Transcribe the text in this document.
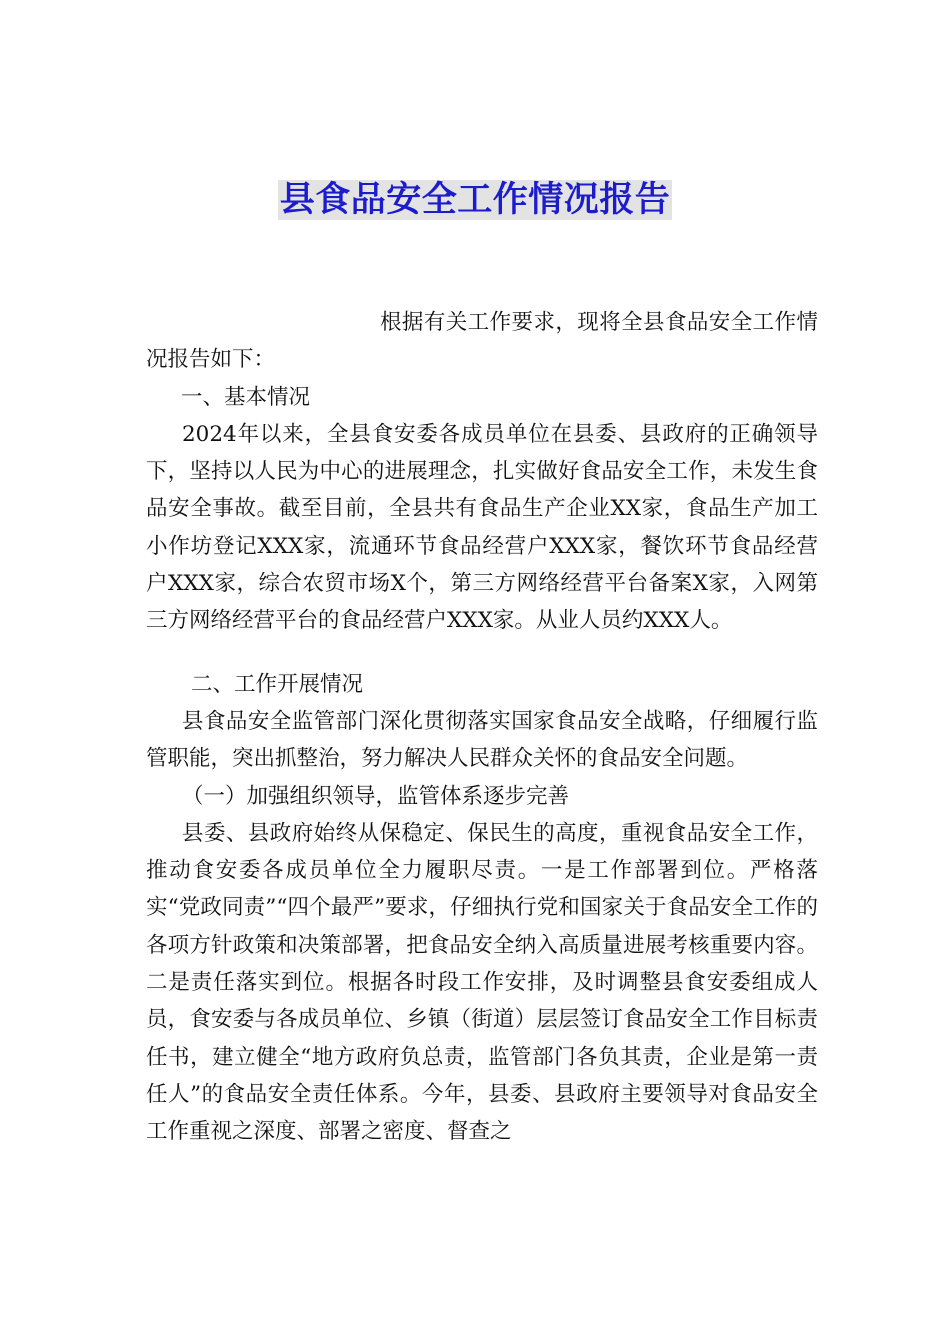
县食品安全工作情况报告

根据有关工作要求，现将全县食品安全工作情况报告如下：

一、基本情况

2024年以来，全县食安委各成员单位在县委、县政府的正确领导下，坚持以人民为中心的进展理念，扎实做好食品安全工作，未发生食品安全事故。截至目前，全县共有食品生产企业XX家，食品生产加工小作坊登记XXX家，流通环节食品经营户XXX家，餐饮环节食品经营户XXX家，综合农贸市场X个，第三方网络经营平台备案X家，入网第三方网络经营平台的食品经营户XXX家。从业人员约XXX人。

二、工作开展情况

县食品安全监管部门深化贯彻落实国家食品安全战略，仔细履行监管职能，突出抓整治，努力解决人民群众关怀的食品安全问题。

（一）加强组织领导，监管体系逐步完善

县委、县政府始终从保稳定、保民生的高度，重视食品安全工作，推动食安委各成员单位全力履职尽责。一是工作部署到位。严格落实“党政同责”“四个最严”要求，仔细执行党和国家关于食品安全工作的各项方针政策和决策部署，把食品安全纳入高质量进展考核重要内容。二是责任落实到位。根据各时段工作安排，及时调整县食安委组成人员，食安委与各成员单位、乡镇（街道）层层签订食品安全工作目标责任书，建立健全“地方政府负总责，监管部门各负其责，企业是第一责任人”的食品安全责任体系。今年，县委、县政府主要领导对食品安全工作重视之深度、部署之密度、督查之
